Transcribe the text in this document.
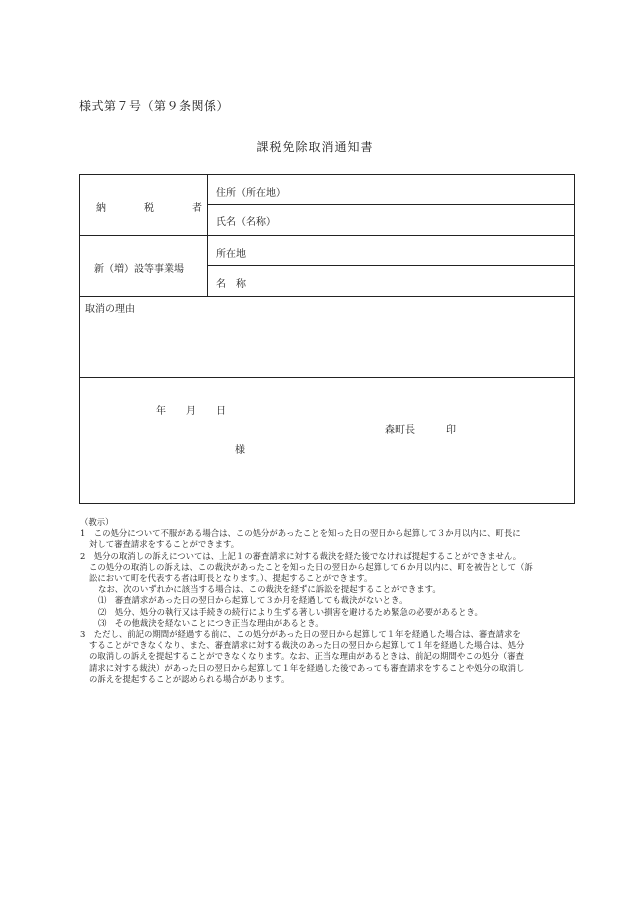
様式第７号（第９条関係）
課税免除取消通知書
納　税　者
住所（所在地）
氏名（名称）
新（増）設等事業場
所在地
名　称
取消の理由
年　　月　　日
森町長	印
様

（教示）

1　この処分について不服がある場合は、この処分があったことを知った日の翌日から起算して３か月以内に、町長に

対して審査請求をすることができます。

2　処分の取消しの訴えについては、上記１の審査請求に対する裁決を経た後でなければ提起することができません。

この処分の取消しの訴えは、この裁決があったことを知った日の翌日から起算して６か月以内に、町を被告として（訴

訟において町を代表する者は町長となります。）、提起することができます。

なお、次のいずれかに該当する場合は、この裁決を経ずに訴訟を提起することができます。

⑴　審査請求があった日の翌日から起算して３か月を経過しても裁決がないとき。

⑵　処分、処分の執行又は手続きの続行により生ずる著しい損害を避けるため緊急の必要があるとき。

⑶　その他裁決を経ないことにつき正当な理由があるとき。

3　ただし、前記の期間が経過する前に、この処分があった日の翌日から起算して１年を経過した場合は、審査請求を

することができなくなり、また、審査請求に対する裁決のあった日の翌日から起算して１年を経過した場合は、処分

の取消しの訴えを提起することができなくなります。なお、正当な理由があるときは、前記の期間やこの処分（審査

請求に対する裁決）があった日の翌日から起算して１年を経過した後であっても審査請求をすることや処分の取消し

の訴えを提起することが認められる場合があります。
